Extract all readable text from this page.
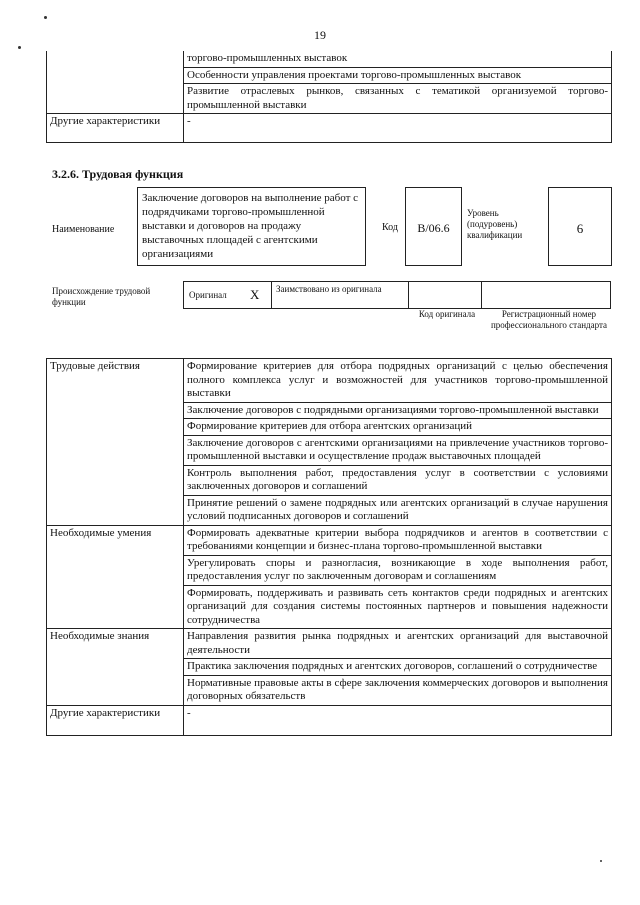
19
	торгово-промышленных выставок
	Особенности управления проектами торгово-промышленных выставок
	Развитие отраслевых рынков, связанных с тематикой организуемой торгово-промышленной выставки
Другие характеристики	-
3.2.6. Трудовая функция
Наименование
Заключение договоров на выполнение работ с подрядчиками торгово-промышленной выставки и договоров на продажу выставочных площадей с агентскими организациями
Код	B/06.6
Уровень (подуровень) квалификации	6
Происхождение трудовой функции
Оригинал X Заимствовано из оригинала
Код оригинала	Регистрационный номер профессионального стандарта
Трудовые действия	Формирование критериев для отбора подрядных организаций с целью обеспечения полного комплекса услуг и возможностей для участников торгово-промышленной выставки
	Заключение договоров с подрядными организациями торгово-промышленной выставки
	Формирование критериев для отбора агентских организаций
	Заключение договоров с агентскими организациями на привлечение участников торгово-промышленной выставки и осуществление продаж выставочных площадей
	Контроль выполнения работ, предоставления услуг в соответствии с условиями заключенных договоров и соглашений
	Принятие решений о замене подрядных или агентских организаций в случае нарушения условий подписанных договоров и соглашений
Необходимые умения	Формировать адекватные критерии выбора подрядчиков и агентов в соответствии с требованиями концепции и бизнес-плана торгово-промышленной выставки
	Урегулировать споры и разногласия, возникающие в ходе выполнения работ, предоставления услуг по заключенным договорам и соглашениям
	Формировать, поддерживать и развивать сеть контактов среди подрядных и агентских организаций для создания системы постоянных партнеров и повышения надежности сотрудничества
Необходимые знания	Направления развития рынка подрядных и агентских организаций для выставочной деятельности
	Практика заключения подрядных и агентских договоров, соглашений о сотрудничестве
	Нормативные правовые акты в сфере заключения коммерческих договоров и выполнения договорных обязательств
Другие характеристики	-
